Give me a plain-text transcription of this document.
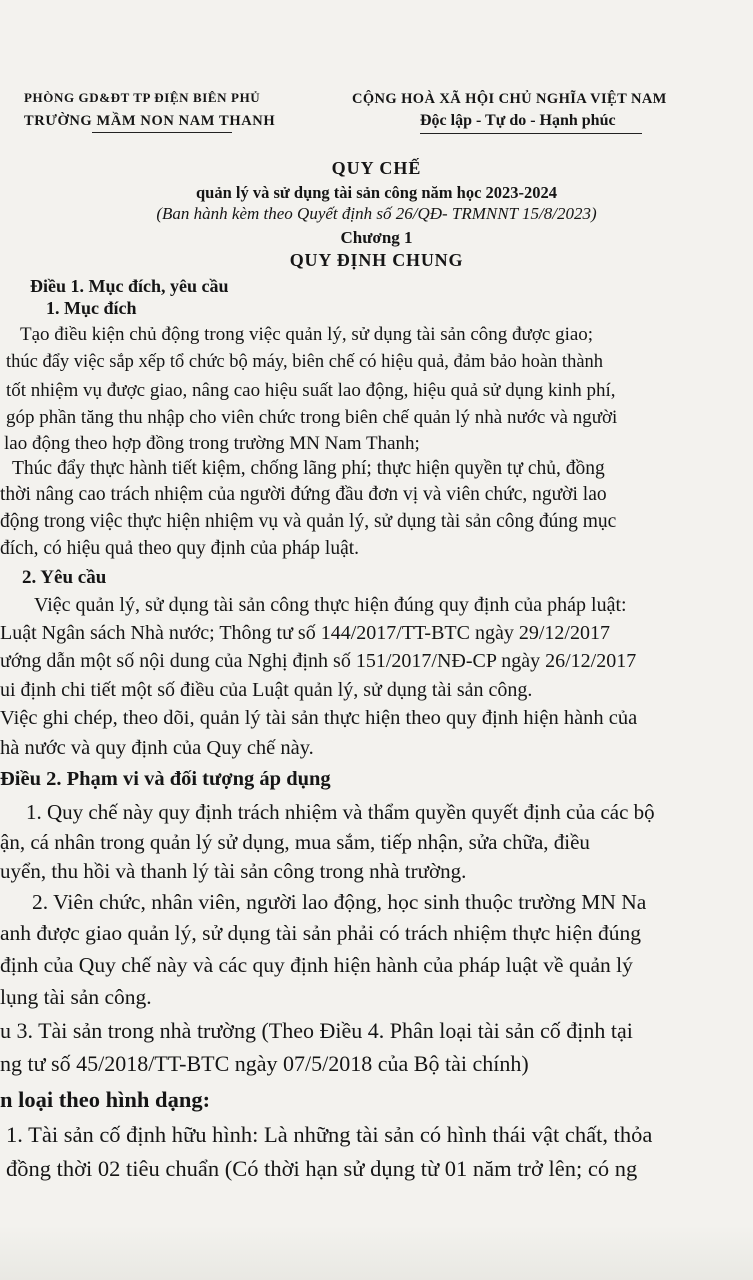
PHÒNG GD&ĐT TP ĐIỆN BIÊN PHỦ
TRƯỜNG MẦM NON NAM THANH
CỘNG HOÀ XÃ HỘI CHỦ NGHĨA VIỆT NAM
Độc lập - Tự do - Hạnh phúc
QUY CHẾ
quản lý và sử dụng tài sản công năm học 2023-2024
(Ban hành kèm theo Quyết định số 26/QĐ- TRMNNT 15/8/2023)
Chương 1
QUY ĐỊNH CHUNG
Điều 1. Mục đích, yêu cầu
1. Mục đích
Tạo điều kiện chủ động trong việc quản lý, sử dụng tài sản công được giao;
thúc đẩy việc sắp xếp tổ chức bộ máy, biên chế có hiệu quả, đảm bảo hoàn thành
tốt nhiệm vụ được giao, nâng cao hiệu suất lao động, hiệu quả sử dụng kinh phí,
góp phần tăng thu nhập cho viên chức trong biên chế quản lý nhà nước và người
lao động theo hợp đồng trong trường MN Nam Thanh;
Thúc đẩy thực hành tiết kiệm, chống lãng phí; thực hiện quyền tự chủ, đồng
thời nâng cao trách nhiệm của người đứng đầu đơn vị và viên chức, người lao
động trong việc thực hiện nhiệm vụ và quản lý, sử dụng tài sản công đúng mục
đích, có hiệu quả theo quy định của pháp luật.
2. Yêu cầu
Việc quản lý, sử dụng tài sản công thực hiện đúng quy định của pháp luật:
Luật Ngân sách Nhà nước; Thông tư số 144/2017/TT-BTC ngày 29/12/2017
ướng dẫn một số nội dung của Nghị định số 151/2017/NĐ-CP ngày 26/12/2017
ui định chi tiết một số điều của Luật quản lý, sử dụng tài sản công.
Việc ghi chép, theo dõi, quản lý tài sản thực hiện theo quy định hiện hành của
hà nước và quy định của Quy chế này.
Điều 2. Phạm vi và đối tượng áp dụng
1. Quy chế này quy định trách nhiệm và thẩm quyền quyết định của các bộ
ận, cá nhân trong quản lý sử dụng, mua sắm, tiếp nhận, sửa chữa, điều
uyển, thu hồi và thanh lý tài sản công trong nhà trường.
2. Viên chức, nhân viên, người lao động, học sinh thuộc trường MN Na
anh được giao quản lý, sử dụng tài sản phải có trách nhiệm thực hiện đúng
định của Quy chế này và các quy định hiện hành của pháp luật về quản lý
lụng tài sản công.
u 3. Tài sản trong nhà trường (Theo Điều 4. Phân loại tài sản cố định tại
ng tư số 45/2018/TT-BTC ngày 07/5/2018 của Bộ tài chính)
n loại theo hình dạng:
1. Tài sản cố định hữu hình: Là những tài sản có hình thái vật chất, thỏa
đồng thời 02 tiêu chuẩn (Có thời hạn sử dụng từ 01 năm trở lên; có ng
